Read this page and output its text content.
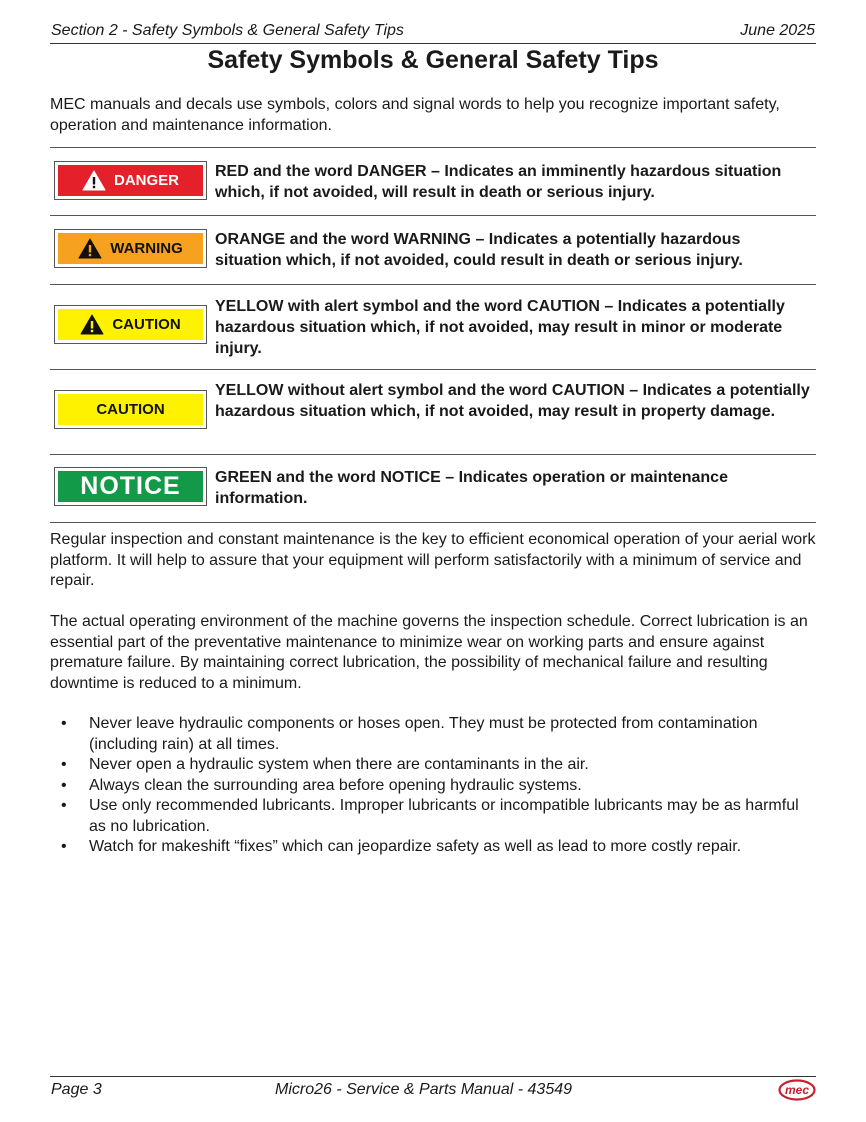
Section 2 - Safety Symbols & General Safety Tips	June 2025
Safety Symbols & General Safety Tips
MEC manuals and decals use symbols, colors and signal words to help you recognize important safety, operation and maintenance information.
DANGER
RED and the word DANGER – Indicates an imminently hazardous situation which, if not avoided, will result in death or serious injury.
WARNING
ORANGE and the word WARNING – Indicates a potentially hazardous situation which, if not avoided, could result in death or serious injury.
CAUTION
YELLOW with alert symbol and the word CAUTION – Indicates a potentially hazardous situation which, if not avoided, may result in minor or moderate injury.
CAUTION
YELLOW without alert symbol and the word CAUTION – Indicates a potentially hazardous situation which, if not avoided, may result in property damage.
NOTICE GREEN and the word NOTICE – Indicates operation or maintenance information.
Regular inspection and constant maintenance is the key to efficient economical operation of your aerial work platform. It will help to assure that your equipment will perform satisfactorily with a minimum of service and repair.
The actual operating environment of the machine governs the inspection schedule. Correct lubrication is an essential part of the preventative maintenance to minimize wear on working parts and ensure against premature failure. By maintaining correct lubrication, the possibility of mechanical failure and resulting downtime is reduced to a minimum.
• Never leave hydraulic components or hoses open. They must be protected from contamination (including rain) at all times.
• Never open a hydraulic system when there are contaminants in the air.
• Always clean the surrounding area before opening hydraulic systems.
• Use only recommended lubricants. Improper lubricants or incompatible lubricants may be as harmful as no lubrication.
• Watch for makeshift “fixes” which can jeopardize safety as well as lead to more costly repair.
Page 3	Micro26 - Service & Parts Manual - 43549	mec
